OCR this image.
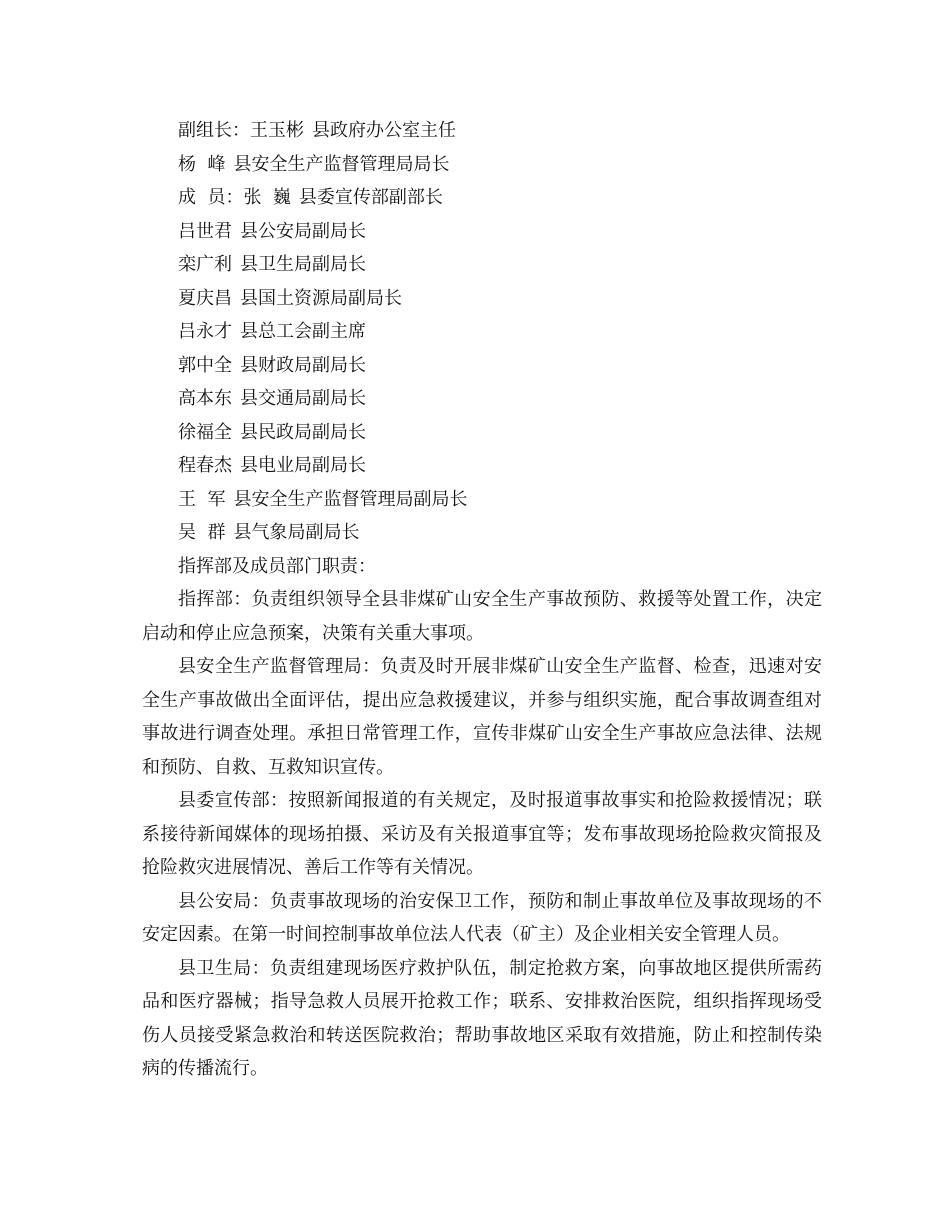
副组长：王玉彬 县政府办公室主任
杨  峰 县安全生产监督管理局局长
成  员：张  巍 县委宣传部副部长
吕世君 县公安局副局长
栾广利 县卫生局副局长
夏庆昌 县国土资源局副局长
吕永才 县总工会副主席
郭中全 县财政局副局长
高本东 县交通局副局长
徐福全 县民政局副局长
程春杰 县电业局副局长
王  军 县安全生产监督管理局副局长
吴  群 县气象局副局长
指挥部及成员部门职责：
指挥部：负责组织领导全县非煤矿山安全生产事故预防、救援等处置工作，决定启动和停止应急预案，决策有关重大事项。
县安全生产监督管理局：负责及时开展非煤矿山安全生产监督、检查，迅速对安全生产事故做出全面评估，提出应急救援建议，并参与组织实施，配合事故调查组对事故进行调查处理。承担日常管理工作，宣传非煤矿山安全生产事故应急法律、法规和预防、自救、互救知识宣传。
县委宣传部：按照新闻报道的有关规定，及时报道事故事实和抢险救援情况；联系接待新闻媒体的现场拍摄、采访及有关报道事宜等；发布事故现场抢险救灾简报及抢险救灾进展情况、善后工作等有关情况。
县公安局：负责事故现场的治安保卫工作，预防和制止事故单位及事故现场的不安定因素。在第一时间控制事故单位法人代表（矿主）及企业相关安全管理人员。
县卫生局：负责组建现场医疗救护队伍，制定抢救方案，向事故地区提供所需药品和医疗器械；指导急救人员展开抢救工作；联系、安排救治医院，组织指挥现场受伤人员接受紧急救治和转送医院救治；帮助事故地区采取有效措施，防止和控制传染病的传播流行。
